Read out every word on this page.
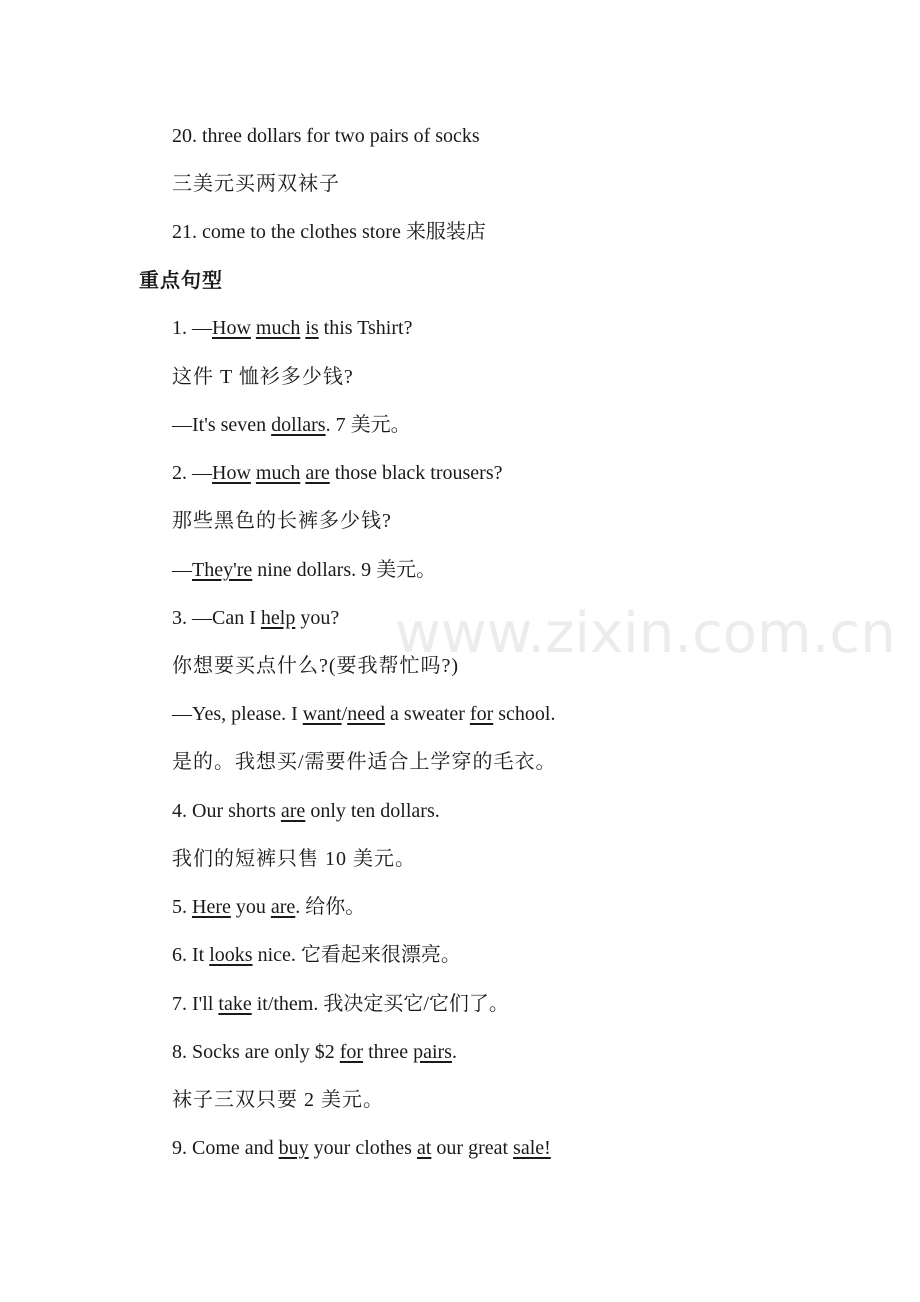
www.zixin.com.cn
20. three dollars for two pairs of socks
三美元买两双袜子
21. come to the clothes store 来服装店
重点句型
1. —How much is this Tshirt?
这件 T 恤衫多少钱?
—It's seven dollars. 7 美元。
2. —How much are those black trousers?
那些黑色的长裤多少钱?
—They're nine dollars. 9 美元。
3. —Can I help you?
你想要买点什么?(要我帮忙吗?)
—Yes, please. I want/need a sweater for school.
是的。我想买/需要件适合上学穿的毛衣。
4. Our shorts are only ten dollars.
我们的短裤只售 10 美元。
5. Here you are. 给你。
6. It looks nice. 它看起来很漂亮。
7. I'll take it/them. 我决定买它/它们了。
8. Socks are only $2 for three pairs.
袜子三双只要 2 美元。
9. Come and buy your clothes at our great sale!
